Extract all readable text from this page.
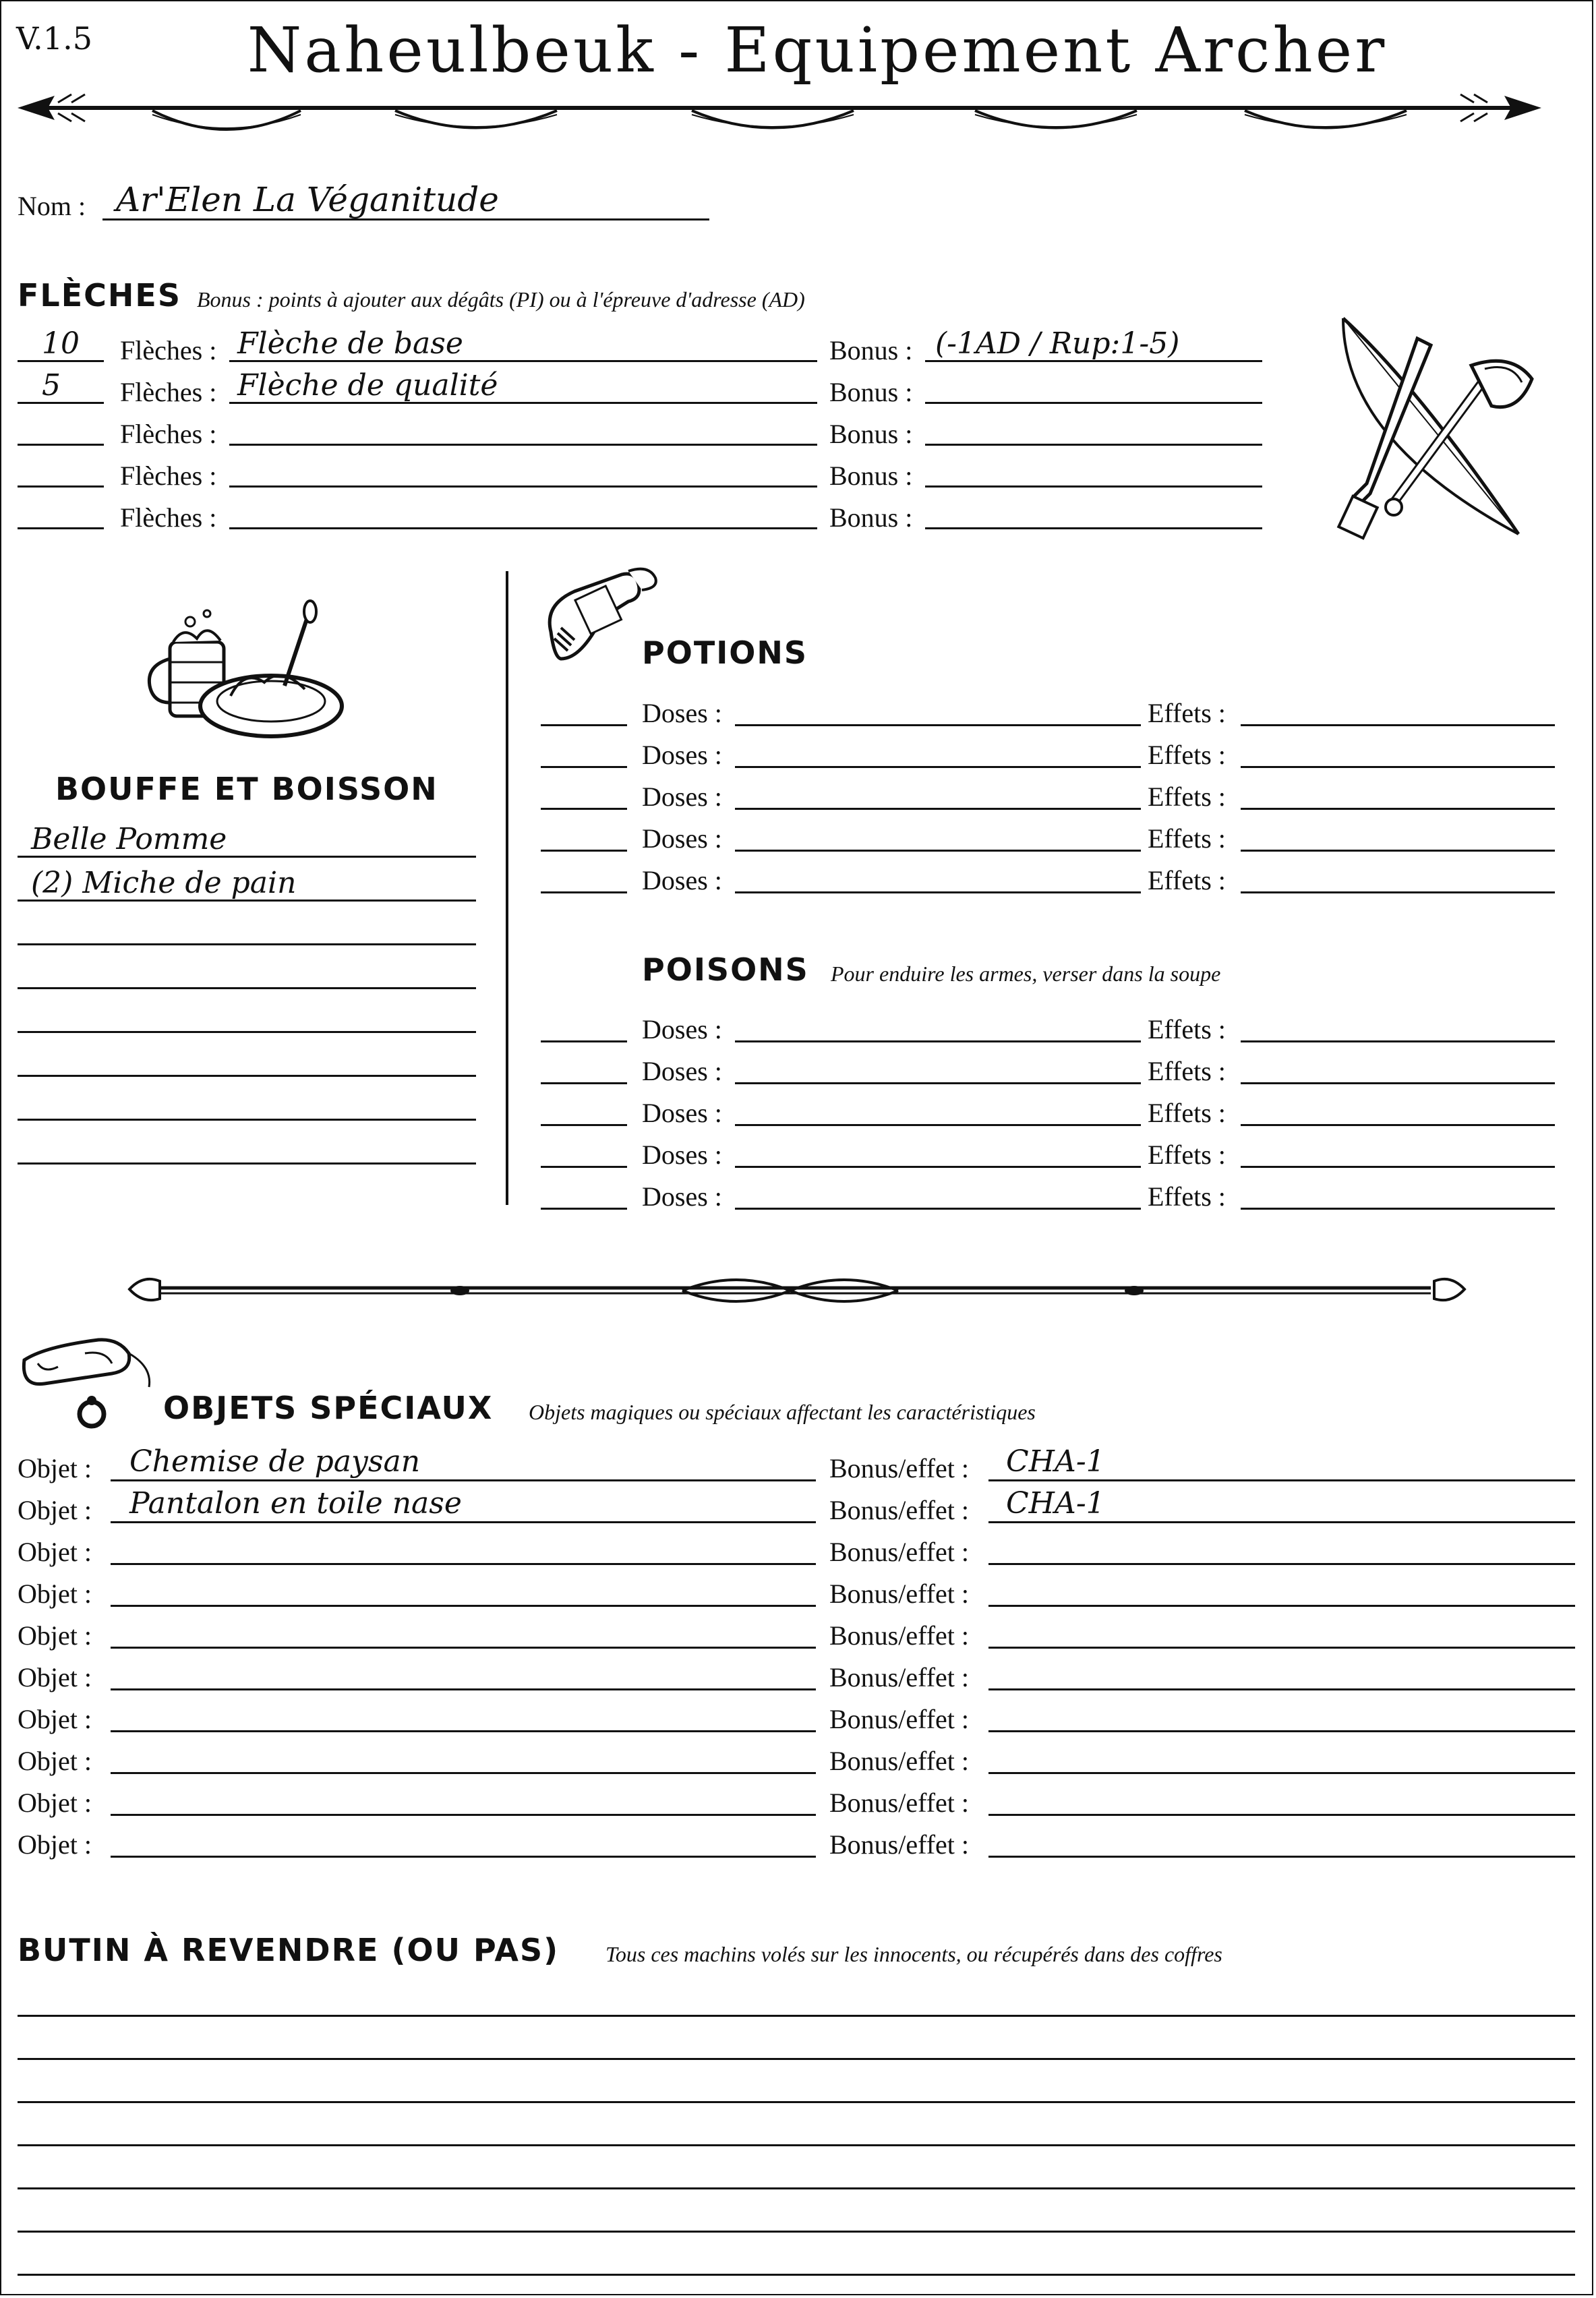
V.1.5	Naheulbeuk - Equipement Archer
Nom : Ar'Elen La Véganitude
FLÈCHES Bonus : points à ajouter aux dégâts (PI) ou à l'épreuve d'adresse (AD)
10 Flèches : Flèche de base	Bonus : (-1AD / Rup:1-5)
5 Flèches : Flèche de qualité	Bonus :
Flèches :	Bonus :
Flèches :	Bonus :
Flèches :	Bonus :
BOUFFE ET BOISSON
Belle Pomme
(2) Miche de pain
POTIONS
Doses :	Effets :
Doses :	Effets :
Doses :	Effets :
Doses :	Effets :
Doses :	Effets :
POISONS Pour enduire les armes, verser dans la soupe
Doses :	Effets :
Doses :	Effets :
Doses :	Effets :
Doses :	Effets :
Doses :	Effets :
OBJETS SPÉCIAUX Objets magiques ou spéciaux affectant les caractéristiques
Objet : Chemise de paysan	Bonus/effet : CHA-1
Objet : Pantalon en toile nase	Bonus/effet : CHA-1
Objet :	Bonus/effet :
Objet :	Bonus/effet :
Objet :	Bonus/effet :
Objet :	Bonus/effet :
Objet :	Bonus/effet :
Objet :	Bonus/effet :
Objet :	Bonus/effet :
Objet :	Bonus/effet :
BUTIN À REVENDRE (OU PAS) Tous ces machins volés sur les innocents, ou récupérés dans des coffres
